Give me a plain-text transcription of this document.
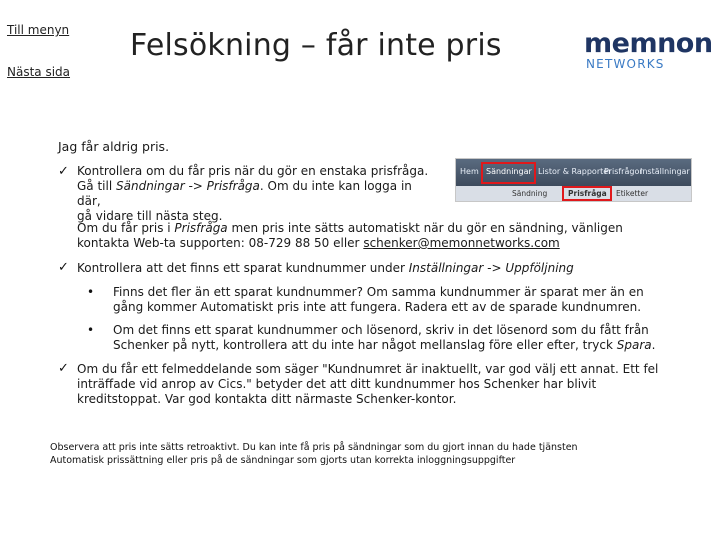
Till menyn
Nästa sida
Felsökning – får inte pris	memnon
NETWORKS
Jag får aldrig pris.
✓ Kontrollera om du får pris när du gör en enstaka prisfråga.
Gå till Sändningar -> Prisfråga. Om du inte kan logga in där,
gå vidare till nästa steg.
Hem Sändningar Listor & Rapporter
Prisfrågor
Inställningar
Sändning	Prisfråga Etiketter
Om du får pris i Prisfråga men pris inte sätts automatiskt när du gör en sändning, vänligen
kontakta Web-ta supporten: 08-729 88 50 eller schenker@memonnetworks.com
✓ Kontrollera att det finns ett sparat kundnummer under Inställningar -> Uppföljning
• Finns det fler än ett sparat kundnummer? Om samma kundnummer är sparat mer än en
gång kommer Automatiskt pris inte att fungera. Radera ett av de sparade kundnumren.
• Om det finns ett sparat kundnummer och lösenord, skriv in det lösenord som du fått från
Schenker på nytt, kontrollera att du inte har något mellanslag före eller efter, tryck Spara.
✓ Om du får ett felmeddelande som säger "Kundnumret är inaktuellt, var god välj ett annat. Ett fel
inträffade vid anrop av Cics." betyder det att ditt kundnummer hos Schenker har blivit
kreditstoppat. Var god kontakta ditt närmaste Schenker-kontor.
Observera att pris inte sätts retroaktivt. Du kan inte få pris på sändningar som du gjort innan du hade tjänsten
Automatisk prissättning eller pris på de sändningar som gjorts utan korrekta inloggningsuppgifter
